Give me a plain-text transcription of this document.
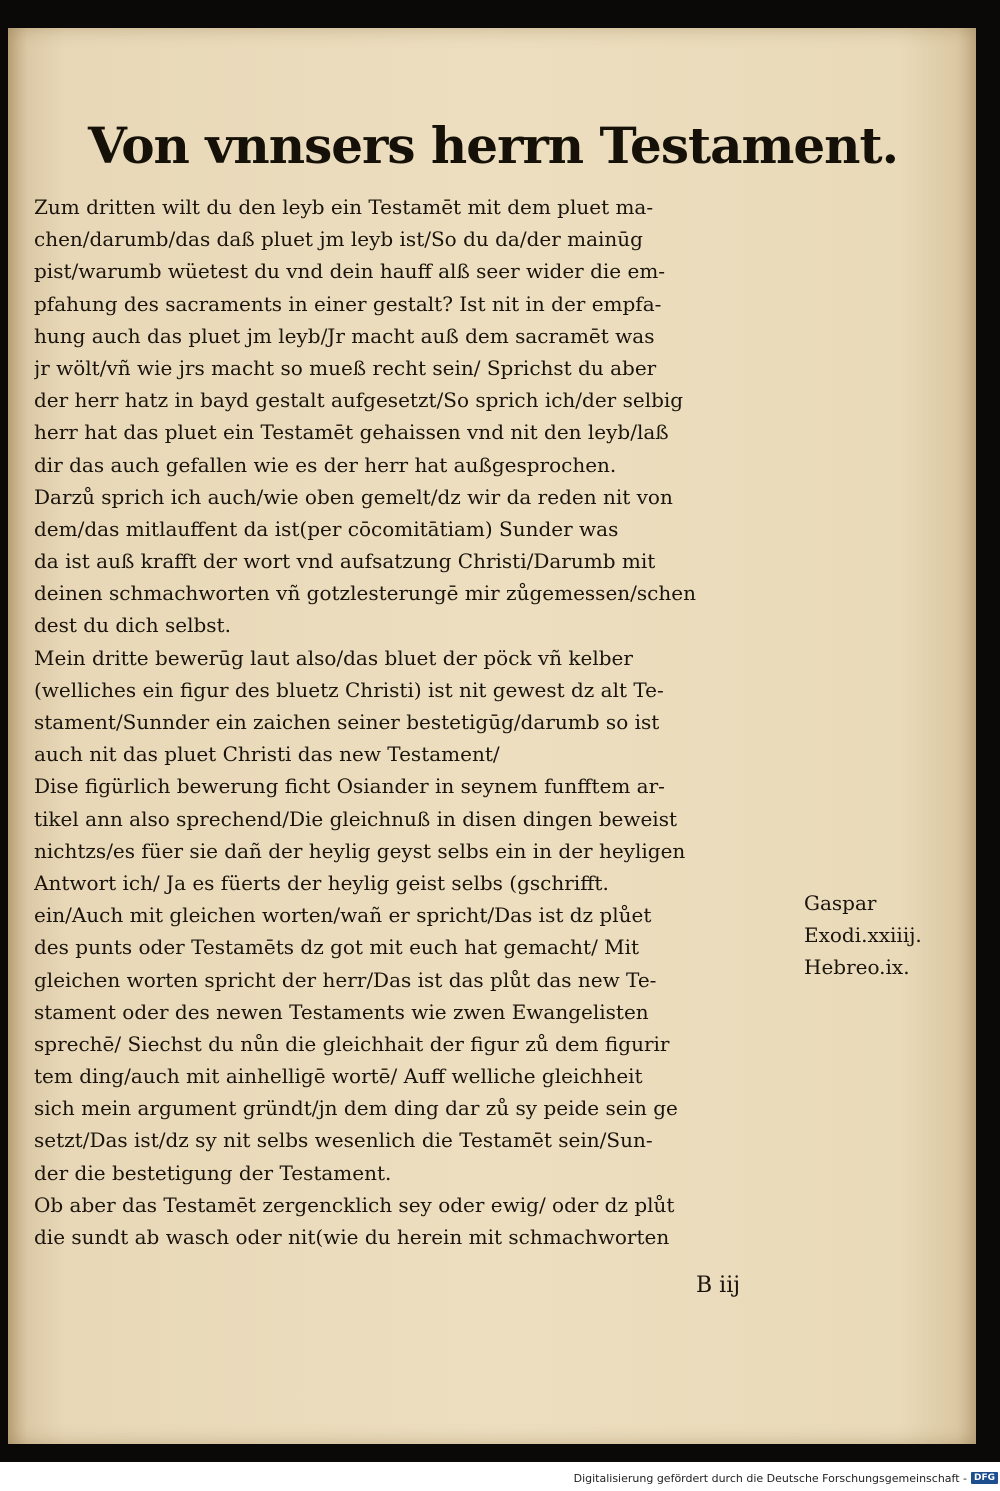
Von vnnsers herrn Testament.
Zum dritten wilt du den leyb ein Testamēt mit dem pluet ma-
chen/darumb/das daß pluet jm leyb ist/So du da/der mainūg
pist/warumb wüetest du vnd dein hauff alß seer wider die em-
pfahung des sacraments in einer gestalt? Ist nit in der empfa-
hung auch das pluet jm leyb/Jr macht auß dem sacramēt was
jr wölt/vñ wie jrs macht so mueß recht sein/ Sprichst du aber
der herr hatz in bayd gestalt aufgesetzt/So sprich ich/der selbig
herr hat das pluet ein Testamēt gehaissen vnd nit den leyb/laß
dir das auch gefallen wie es der herr hat außgesprochen.
Darzů sprich ich auch/wie oben gemelt/dz wir da reden nit von
dem/das mitlauffent da ist(per cōcomitātiam) Sunder was
da ist auß krafft der wort vnd aufsatzung Christi/Darumb mit
deinen schmachworten vñ gotzlesterungē mir zůgemessen/schen
dest du dich selbst.
Mein dritte bewerūg laut also/das bluet der pöck vñ kelber
(welliches ein figur des bluetz Christi) ist nit gewest dz alt Te-
stament/Sunnder ein zaichen seiner bestetigūg/darumb so ist
auch nit das pluet Christi das new Testament/
Dise figürlich bewerung ficht Osiander in seynem funfftem ar-
tikel ann also sprechend/Die gleichnuß in disen dingen beweist
nichtzs/es füer sie dañ der heylig geyst selbs ein in der heyligen
Antwort ich/ Ja es füerts der heylig geist selbs (gschrifft.
ein/Auch mit gleichen worten/wañ er spricht/Das ist dz plůet
des punts oder Testamēts dz got mit euch hat gemacht/ Mit
gleichen worten spricht der herr/Das ist das plůt das new Te-
stament oder des newen Testaments wie zwen Ewangelisten
sprechē/ Siechst du nůn die gleichhait der figur zů dem figurir
tem ding/auch mit ainhelligē wortē/ Auff welliche gleichheit
sich mein argument gründt/jn dem ding dar zů sy peide sein ge
setzt/Das ist/dz sy nit selbs wesenlich die Testamēt sein/Sun-
der die bestetigung der Testament.
Ob aber das Testamēt zergencklich sey oder ewig/ oder dz plůt
die sundt ab wasch oder nit(wie du herein mit schmachworten
Gaspar
Exodi.xxiiij.
Hebreo.ix.
B iij
Digitalisierung gefördert durch die Deutsche Forschungsgemeinschaft - DFG
